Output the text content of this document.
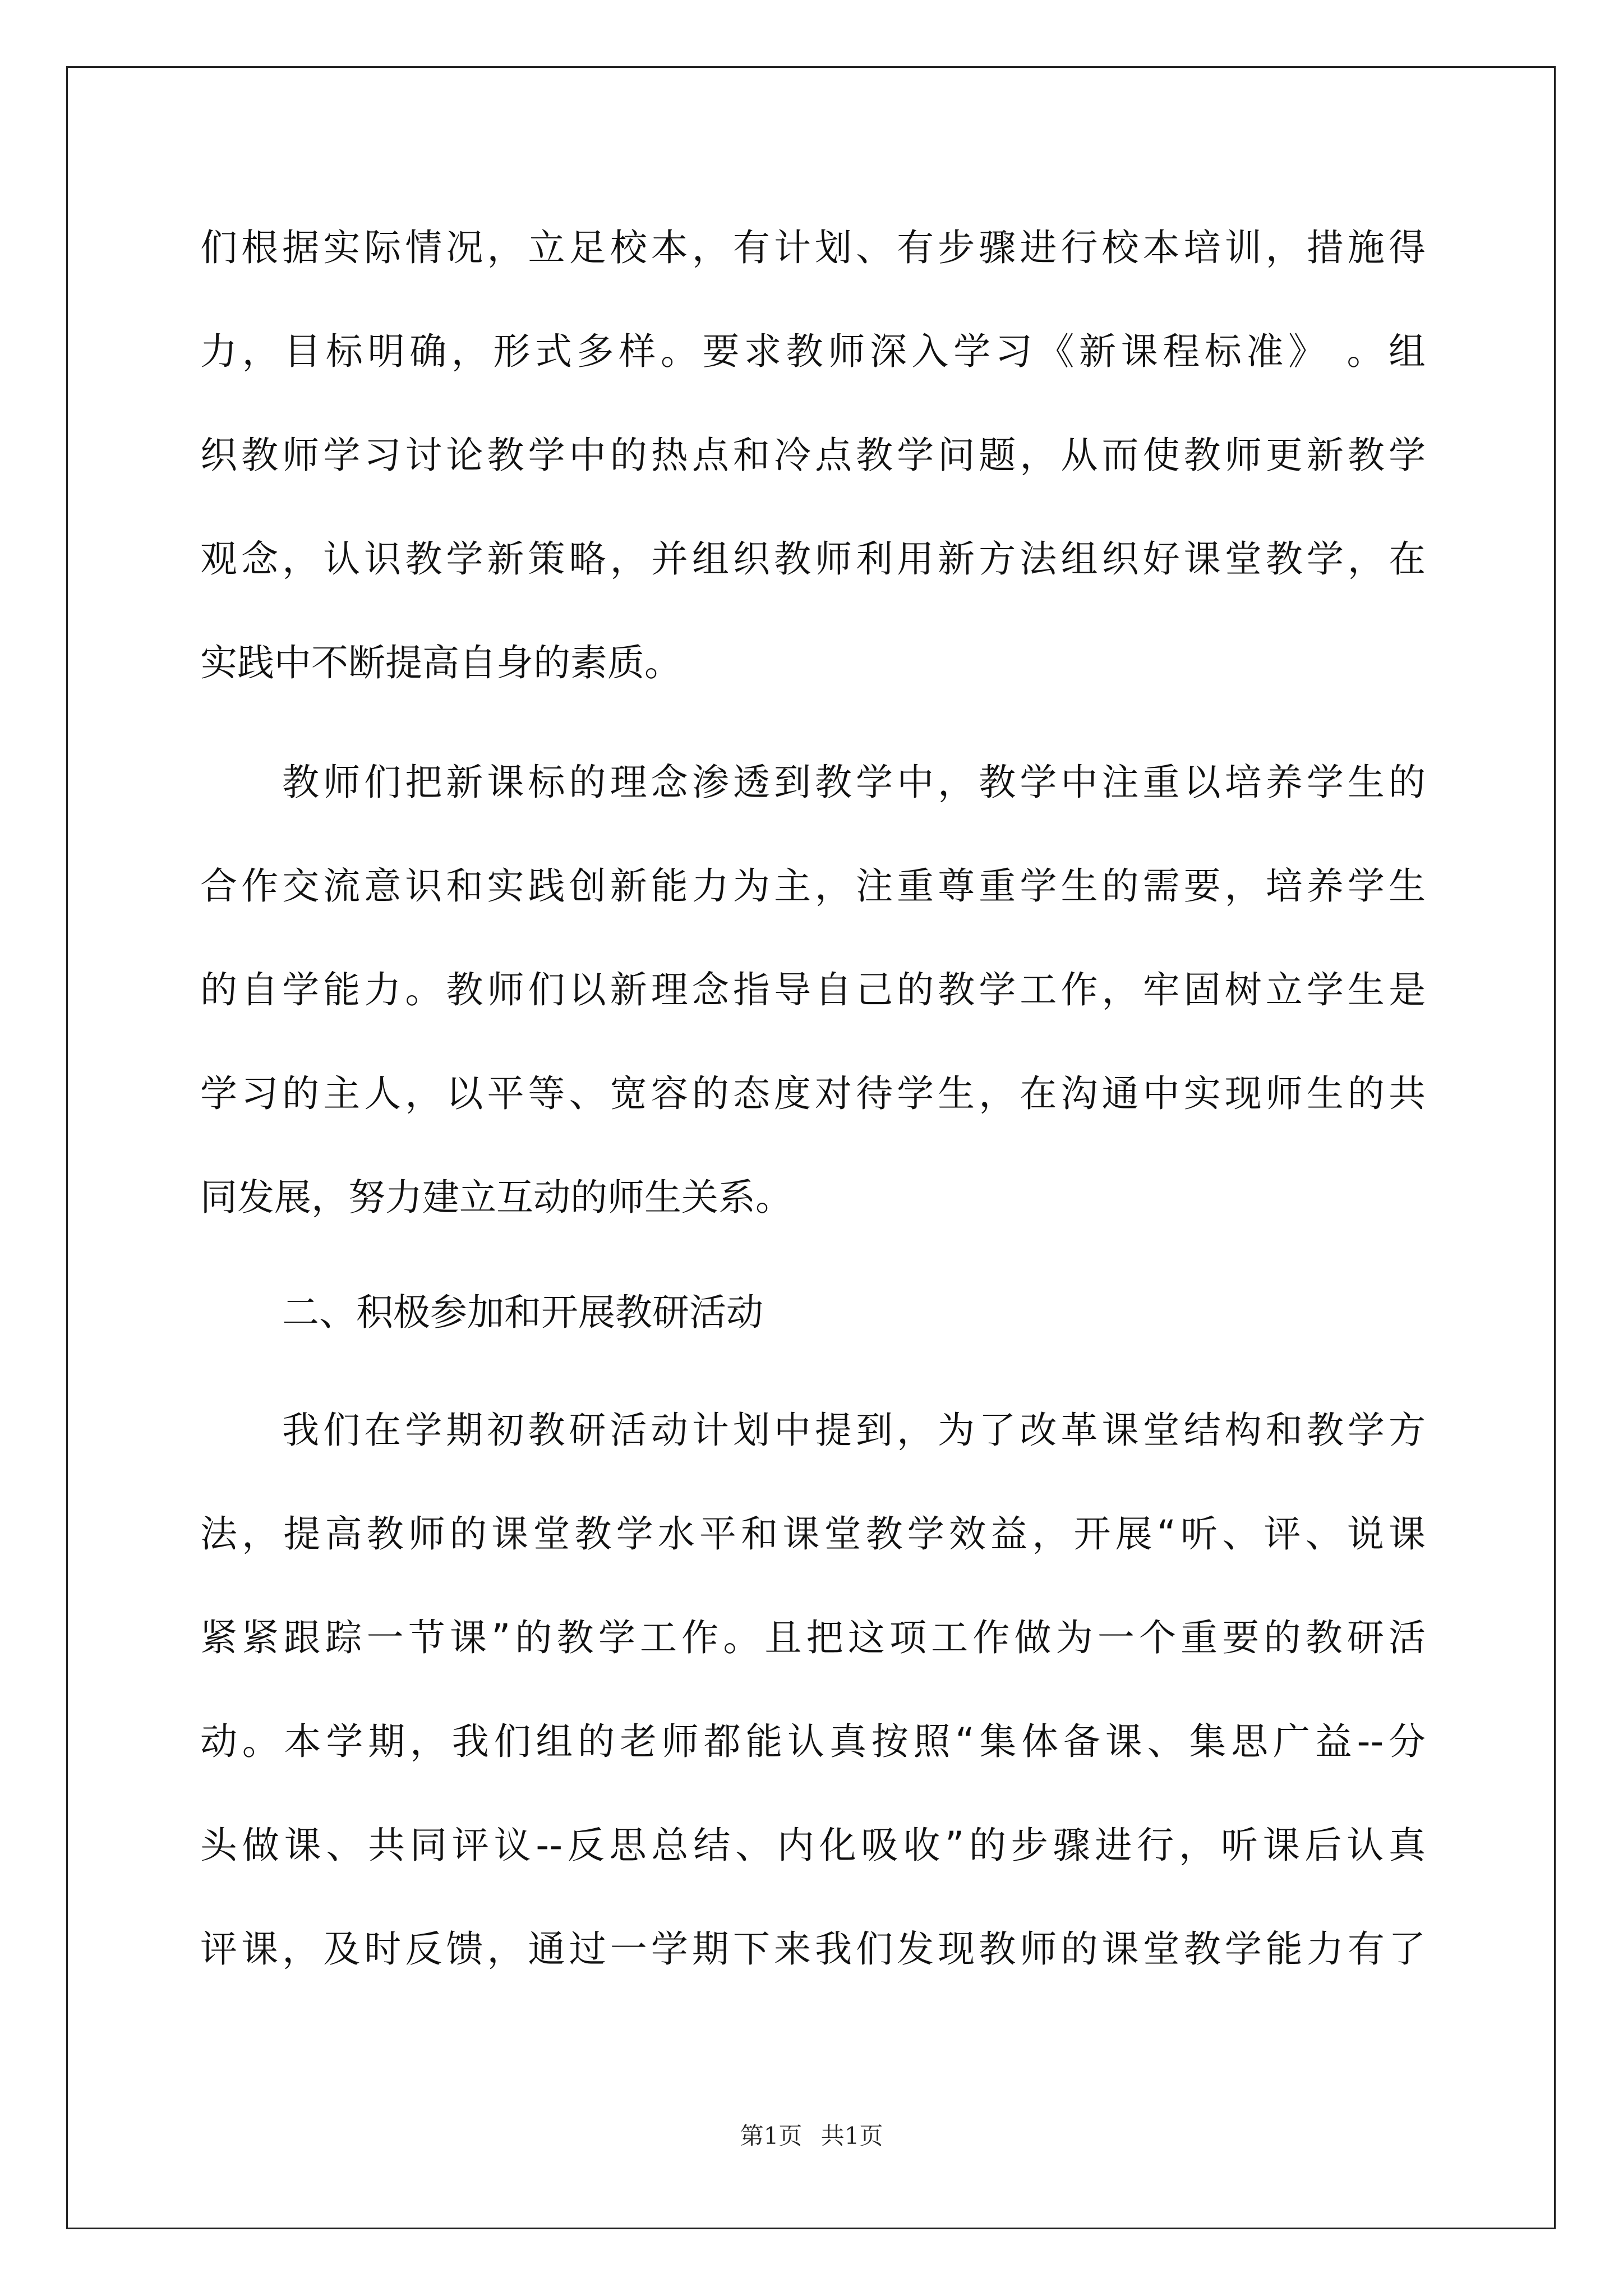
们根据实际情况，立足校本，有计划、有步骤进行校本培训，措施得
力，目标明确，形式多样。要求教师深入学习《新课程标准》 。组
织教师学习讨论教学中的热点和冷点教学问题，从而使教师更新教学
观念，认识教学新策略，并组织教师利用新方法组织好课堂教学，在
实践中不断提高自身的素质。
教师们把新课标的理念渗透到教学中，教学中注重以培养学生的
合作交流意识和实践创新能力为主，注重尊重学生的需要，培养学生
的自学能力。教师们以新理念指导自己的教学工作，牢固树立学生是
学习的主人，以平等、宽容的态度对待学生，在沟通中实现师生的共
同发展，努力建立互动的师生关系。
二、积极参加和开展教研活动
我们在学期初教研活动计划中提到，为了改革课堂结构和教学方
法，提高教师的课堂教学水平和课堂教学效益，开展“听、评、说课
紧紧跟踪一节课”的教学工作。且把这项工作做为一个重要的教研活
动。本学期，我们组的老师都能认真按照“集体备课、集思广益--分
头做课、共同评议--反思总结、内化吸收”的步骤进行，听课后认真
评课，及时反馈，通过一学期下来我们发现教师的课堂教学能力有了
第1页 共1页
